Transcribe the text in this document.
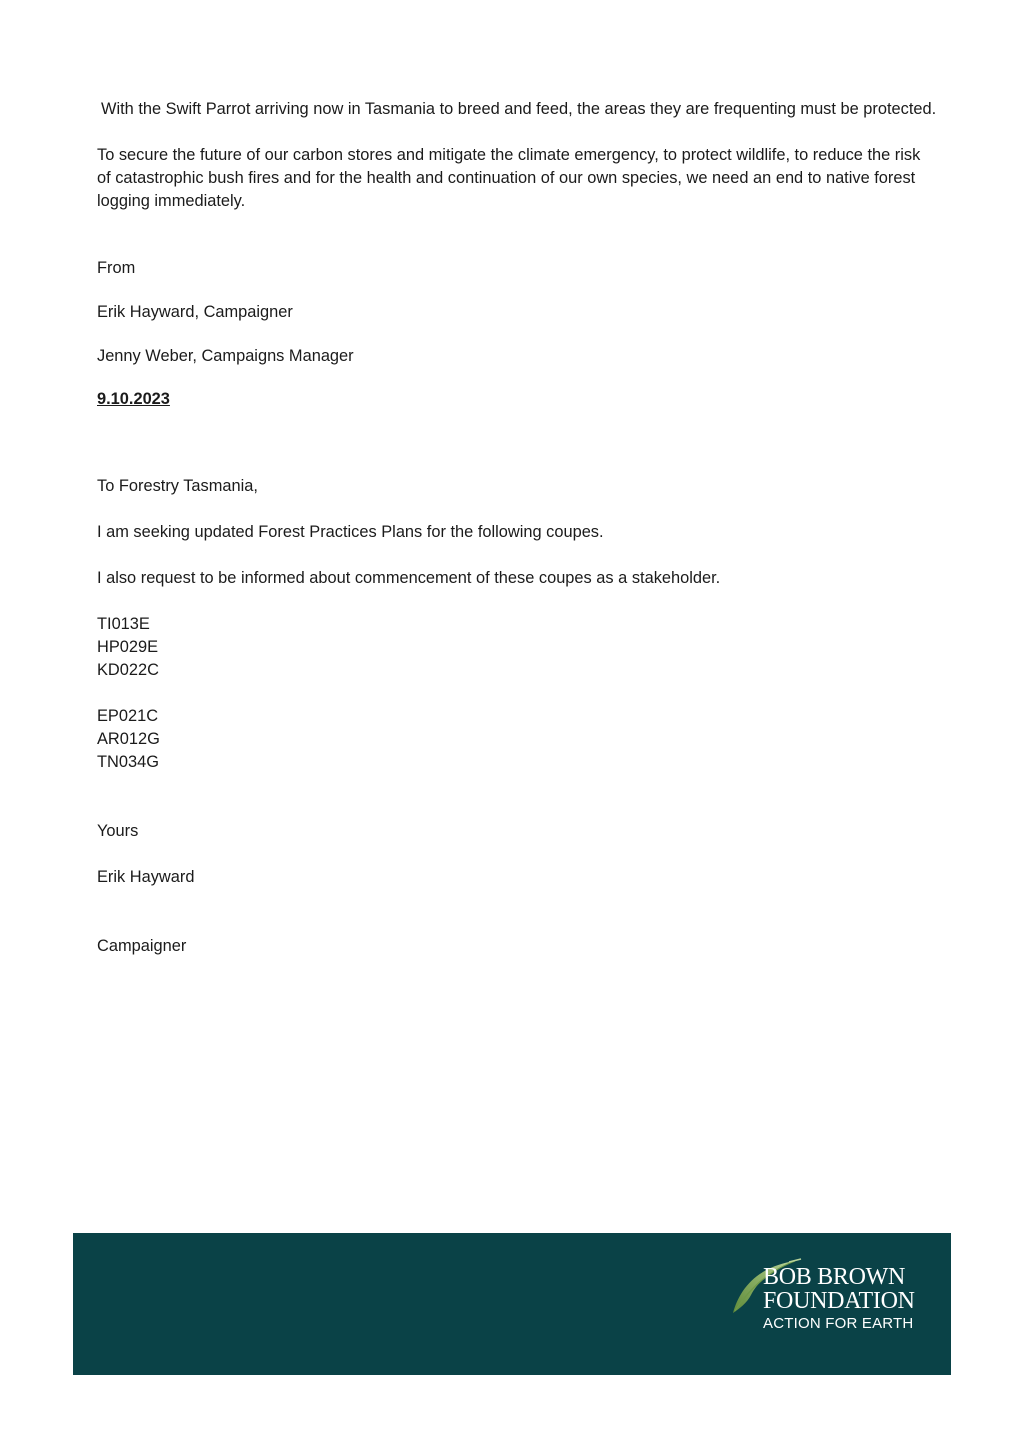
With the Swift Parrot arriving now in Tasmania to breed and feed, the areas they are frequenting must be protected.

To secure the future of our carbon stores and mitigate the climate emergency, to protect wildlife, to reduce the risk of catastrophic bush fires and for the health and continuation of our own species, we need an end to native forest logging immediately.

From

Erik Hayward, Campaigner

Jenny Weber, Campaigns Manager

9.10.2023

To Forestry Tasmania,

I am seeking updated Forest Practices Plans for the following coupes.

I also request to be informed about commencement of these coupes as a stakeholder.

TI013E
HP029E
KD022C
EP021C
AR012G
TN034G

Yours

Erik Hayward

Campaigner

BOB BROWN
FOUNDATION
ACTION FOR EARTH
